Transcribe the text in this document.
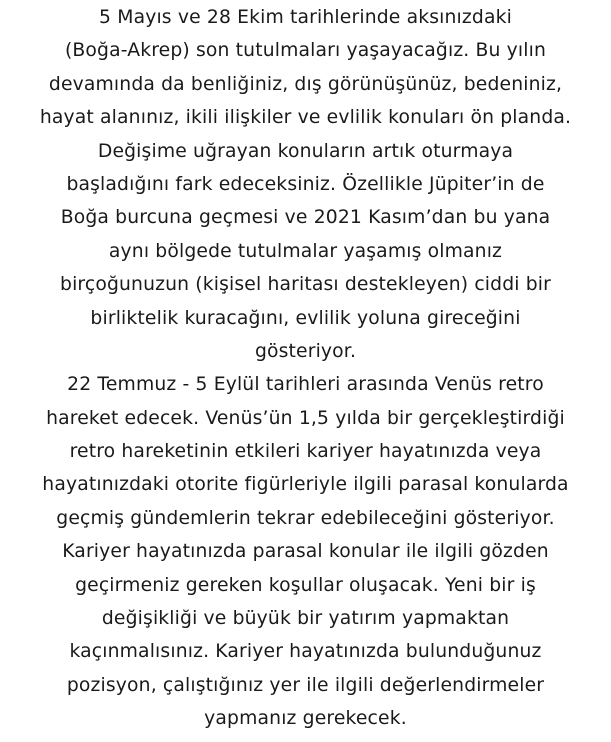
5 Mayıs ve 28 Ekim tarihlerinde aksınızdaki
(Boğa-Akrep) son tutulmaları yaşayacağız. Bu yılın
devamında da benliğiniz, dış görünüşünüz, bedeniniz,
hayat alanınız, ikili ilişkiler ve evlilik konuları ön planda.
Değişime uğrayan konuların artık oturmaya
başladığını fark edeceksiniz. Özellikle Jüpiter’in de
Boğa burcuna geçmesi ve 2021 Kasım’dan bu yana
aynı bölgede tutulmalar yaşamış olmanız
birçoğunuzun (kişisel haritası destekleyen) ciddi bir
birliktelik kuracağını, evlilik yoluna gireceğini
gösteriyor.
22 Temmuz - 5 Eylül tarihleri arasında Venüs retro
hareket edecek. Venüs’ün 1,5 yılda bir gerçekleştirdiği
retro hareketinin etkileri kariyer hayatınızda veya
hayatınızdaki otorite figürleriyle ilgili parasal konularda
geçmiş gündemlerin tekrar edebileceğini gösteriyor.
Kariyer hayatınızda parasal konular ile ilgili gözden
geçirmeniz gereken koşullar oluşacak. Yeni bir iş
değişikliği ve büyük bir yatırım yapmaktan
kaçınmalısınız. Kariyer hayatınızda bulunduğunuz
pozisyon, çalıştığınız yer ile ilgili değerlendirmeler
yapmanız gerekecek.
